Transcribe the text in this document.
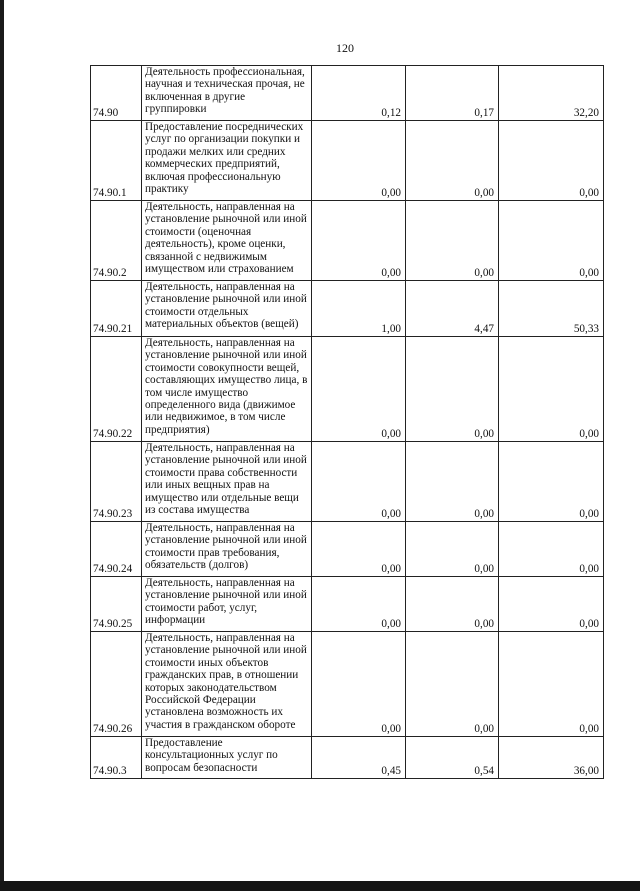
120
74.90	Деятельность профессиональная, научная и техническая прочая, не включенная в другие группировки	0,12	0,17	32,20
74.90.1	Предоставление посреднических услуг по организации покупки и продажи мелких или средних коммерческих предприятий, включая профессиональную практику	0,00	0,00	0,00
74.90.2	Деятельность, направленная на установление рыночной или иной стоимости (оценочная деятельность), кроме оценки, связанной с недвижимым имуществом или страхованием	0,00	0,00	0,00
74.90.21	Деятельность, направленная на установление рыночной или иной стоимости отдельных материальных объектов (вещей)	1,00	4,47	50,33
74.90.22	Деятельность, направленная на установление рыночной или иной стоимости совокупности вещей, составляющих имущество лица, в том числе имущество определенного вида (движимое или недвижимое, в том числе предприятия)	0,00	0,00	0,00
74.90.23	Деятельность, направленная на установление рыночной или иной стоимости права собственности или иных вещных прав на имущество или отдельные вещи из состава имущества	0,00	0,00	0,00
74.90.24	Деятельность, направленная на установление рыночной или иной стоимости прав требования, обязательств (долгов)	0,00	0,00	0,00
74.90.25	Деятельность, направленная на установление рыночной или иной стоимости работ, услуг, информации	0,00	0,00	0,00
74.90.26	Деятельность, направленная на установление рыночной или иной стоимости иных объектов гражданских прав, в отношении которых законодательством Российской Федерации установлена возможность их участия в гражданском обороте	0,00	0,00	0,00
74.90.3	Предоставление консультационных услуг по вопросам безопасности	0,45	0,54	36,00
